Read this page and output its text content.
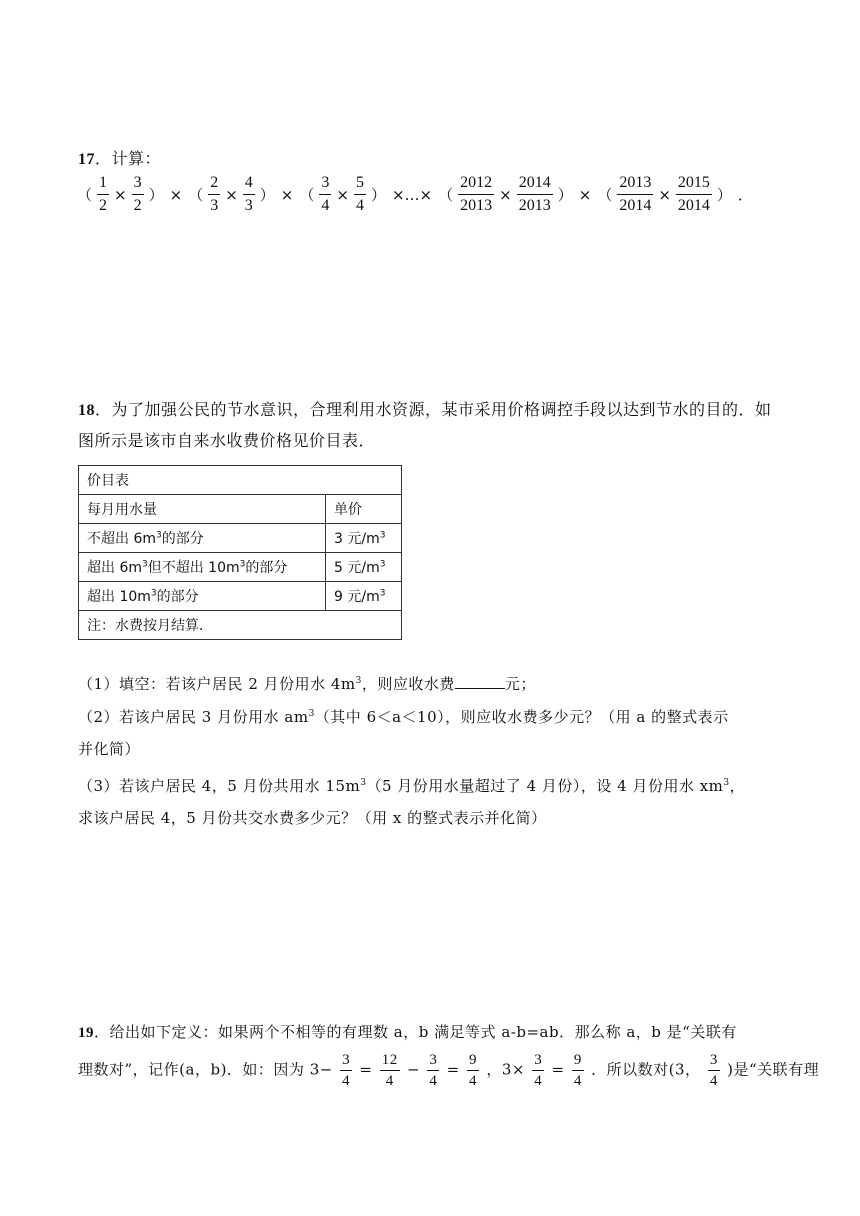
17．计算：
（ $\frac{1}{2} \times \frac{3}{2}$ ） × （ $\frac{2}{3} \times \frac{4}{3}$ ） × （ $\frac{3}{4} \times \frac{5}{4}$ ） ×…× （ $\frac{2012}{2013} \times \frac{2014}{2013}$ ） × （ $\frac{2013}{2014} \times \frac{2015}{2014}$ ） ．
18．为了加强公民的节水意识，合理利用水资源，某市采用价格调控手段以达到节水的目的．如
图所示是该市自来水收费价格见价目表．
价目表	
每月用水量	单价
不超出 $6m^3$的部分	3 元$/m^3$
超出 $6m^3$但不超出 $10m^3$的部分	5 元$/m^3$
超出 $10m^3$的部分	9 元$/m^3$
注：水费按月结算．	
（1）填空：若该户居民 2 月份用水 $4m^3$，则应收水费	元；
（2）若该户居民 3 月份用水 $am^3$（其中 6＜a＜10），则应收水费多少元？（用 a 的整式表示
并化简）
（3）若该户居民 4，5 月份共用水 $15m^3(5$ 月份用水量超过了 4 月份），设 4 月份用水 $xm^3$，
求该户居民 4，5 月份共交水费多少元？（用 x 的整式表示并化简）
19．给出如下定义：如果两个不相等的有理数 a，b 满足等式 a-b=ab．那么称 a，b 是“关联有
理数对”，记作(a，b)．如：因为 $3- \frac{3}{4} = \frac{12}{4} - \frac{3}{4} = \frac{9}{4}$ ，$3\times \frac{3}{4} = \frac{9}{4}$ ．所以数对(3， $\frac{3}{4}$ )是“关联有理
